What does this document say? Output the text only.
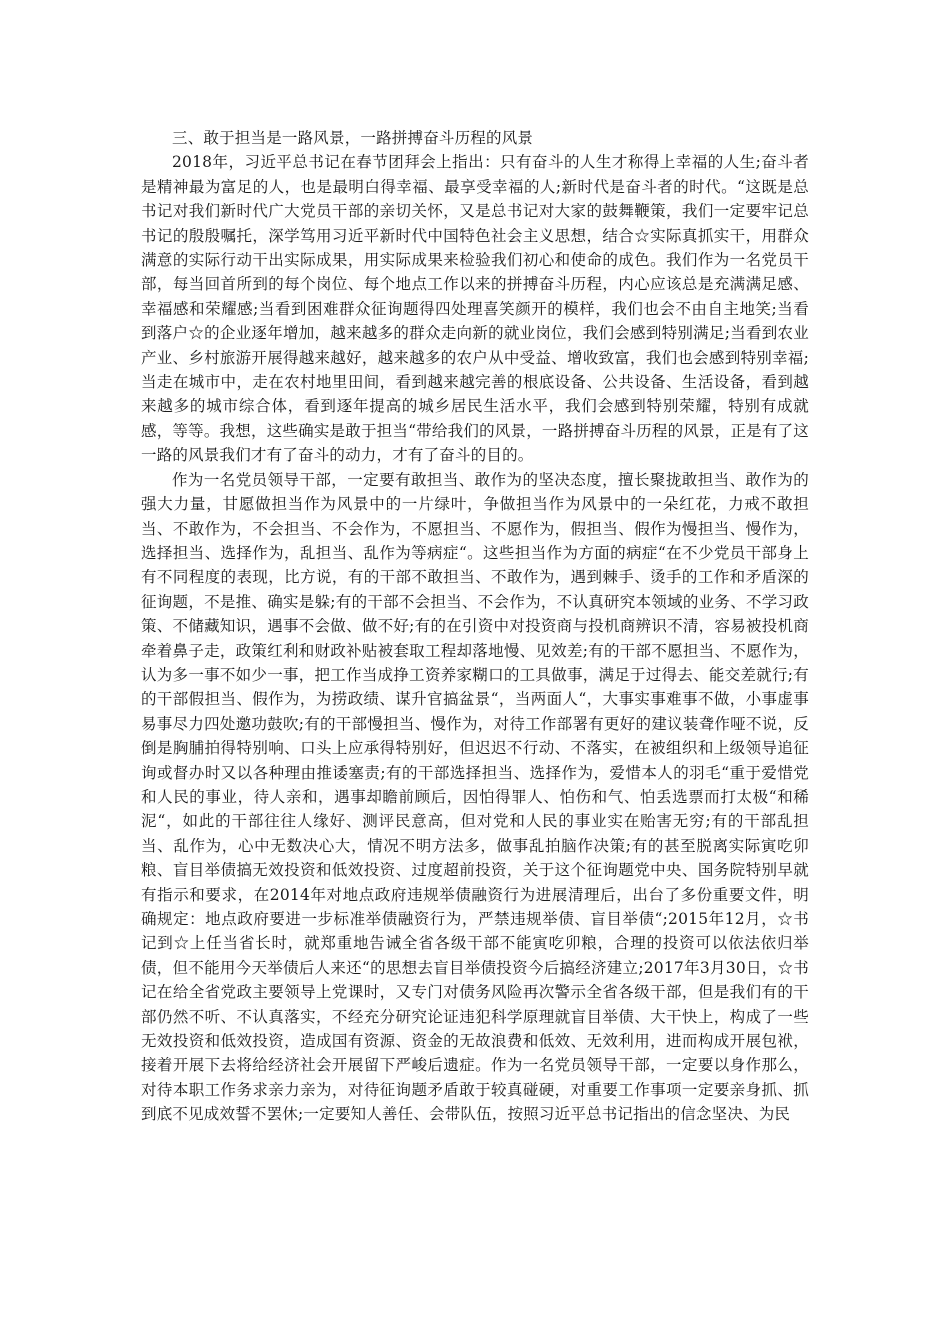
三、敢于担当是一路风景，一路拼搏奋斗历程的风景

2018年，习近平总书记在春节团拜会上指出：只有奋斗的人生才称得上幸福的人生;奋斗者是精神最为富足的人，也是最明白得幸福、最享受幸福的人;新时代是奋斗者的时代。“这既是总书记对我们新时代广大党员干部的亲切关怀，又是总书记对大家的鼓舞鞭策，我们一定要牢记总书记的殷殷嘱托，深学笃用习近平新时代中国特色社会主义思想，结合☆实际真抓实干，用群众满意的实际行动干出实际成果，用实际成果来检验我们初心和使命的成色。我们作为一名党员干部，每当回首所到的每个岗位、每个地点工作以来的拼搏奋斗历程，内心应该总是充满满足感、幸福感和荣耀感;当看到困难群众征询题得四处理喜笑颜开的模样，我们也会不由自主地笑;当看到落户☆的企业逐年增加，越来越多的群众走向新的就业岗位，我们会感到特别满足;当看到农业产业、乡村旅游开展得越来越好，越来越多的农户从中受益、增收致富，我们也会感到特别幸福;当走在城市中，走在农村地里田间，看到越来越完善的根底设备、公共设备、生活设备，看到越来越多的城市综合体，看到逐年提高的城乡居民生活水平，我们会感到特别荣耀，特别有成就感，等等。我想，这些确实是敢于担当“带给我们的风景，一路拼搏奋斗历程的风景，正是有了这一路的风景我们才有了奋斗的动力，才有了奋斗的目的。

作为一名党员领导干部，一定要有敢担当、敢作为的坚决态度，擅长聚拢敢担当、敢作为的强大力量，甘愿做担当作为风景中的一片绿叶，争做担当作为风景中的一朵红花，力戒不敢担当、不敢作为，不会担当、不会作为，不愿担当、不愿作为，假担当、假作为慢担当、慢作为，选择担当、选择作为，乱担当、乱作为等病症“。这些担当作为方面的病症“在不少党员干部身上有不同程度的表现，比方说，有的干部不敢担当、不敢作为，遇到棘手、烫手的工作和矛盾深的征询题，不是推、确实是躲;有的干部不会担当、不会作为，不认真研究本领域的业务、不学习政策、不储藏知识，遇事不会做、做不好;有的在引资中对投资商与投机商辨识不清，容易被投机商牵着鼻子走，政策红利和财政补贴被套取工程却落地慢、见效差;有的干部不愿担当、不愿作为，认为多一事不如少一事，把工作当成挣工资养家糊口的工具做事，满足于过得去、能交差就行;有的干部假担当、假作为，为捞政绩、谋升官搞盆景“，当两面人“，大事实事难事不做，小事虚事易事尽力四处邀功鼓吹;有的干部慢担当、慢作为，对待工作部署有更好的建议装聋作哑不说，反倒是胸脯拍得特别响、口头上应承得特别好，但迟迟不行动、不落实，在被组织和上级领导追征询或督办时又以各种理由推诿塞责;有的干部选择担当、选择作为，爱惜本人的羽毛“重于爱惜党和人民的事业，待人亲和，遇事却瞻前顾后，因怕得罪人、怕伤和气、怕丢选票而打太极“和稀泥“，如此的干部往往人缘好、测评民意高，但对党和人民的事业实在贻害无穷;有的干部乱担当、乱作为，心中无数决心大，情况不明方法多，做事乱拍脑作决策;有的甚至脱离实际寅吃卯粮、盲目举债搞无效投资和低效投资、过度超前投资，关于这个征询题党中央、国务院特别早就有指示和要求，在2014年对地点政府违规举债融资行为进展清理后，出台了多份重要文件，明确规定：地点政府要进一步标准举债融资行为，严禁违规举债、盲目举债“;2015年12月，☆书记到☆上任当省长时，就郑重地告诫全省各级干部不能寅吃卯粮，合理的投资可以依法依归举债，但不能用今天举债后人来还“的思想去盲目举债投资今后搞经济建立;2017年3月30日，☆书记在给全省党政主要领导上党课时，又专门对债务风险再次警示全省各级干部，但是我们有的干部仍然不听、不认真落实，不经充分研究论证违犯科学原理就盲目举债、大干快上，构成了一些无效投资和低效投资，造成国有资源、资金的无故浪费和低效、无效利用，进而构成开展包袱，接着开展下去将给经济社会开展留下严峻后遗症。作为一名党员领导干部，一定要以身作那么，对待本职工作务求亲力亲为，对待征询题矛盾敢于较真碰硬，对重要工作事项一定要亲身抓、抓到底不见成效誓不罢休;一定要知人善任、会带队伍，按照习近平总书记指出的信念坚决、为民
